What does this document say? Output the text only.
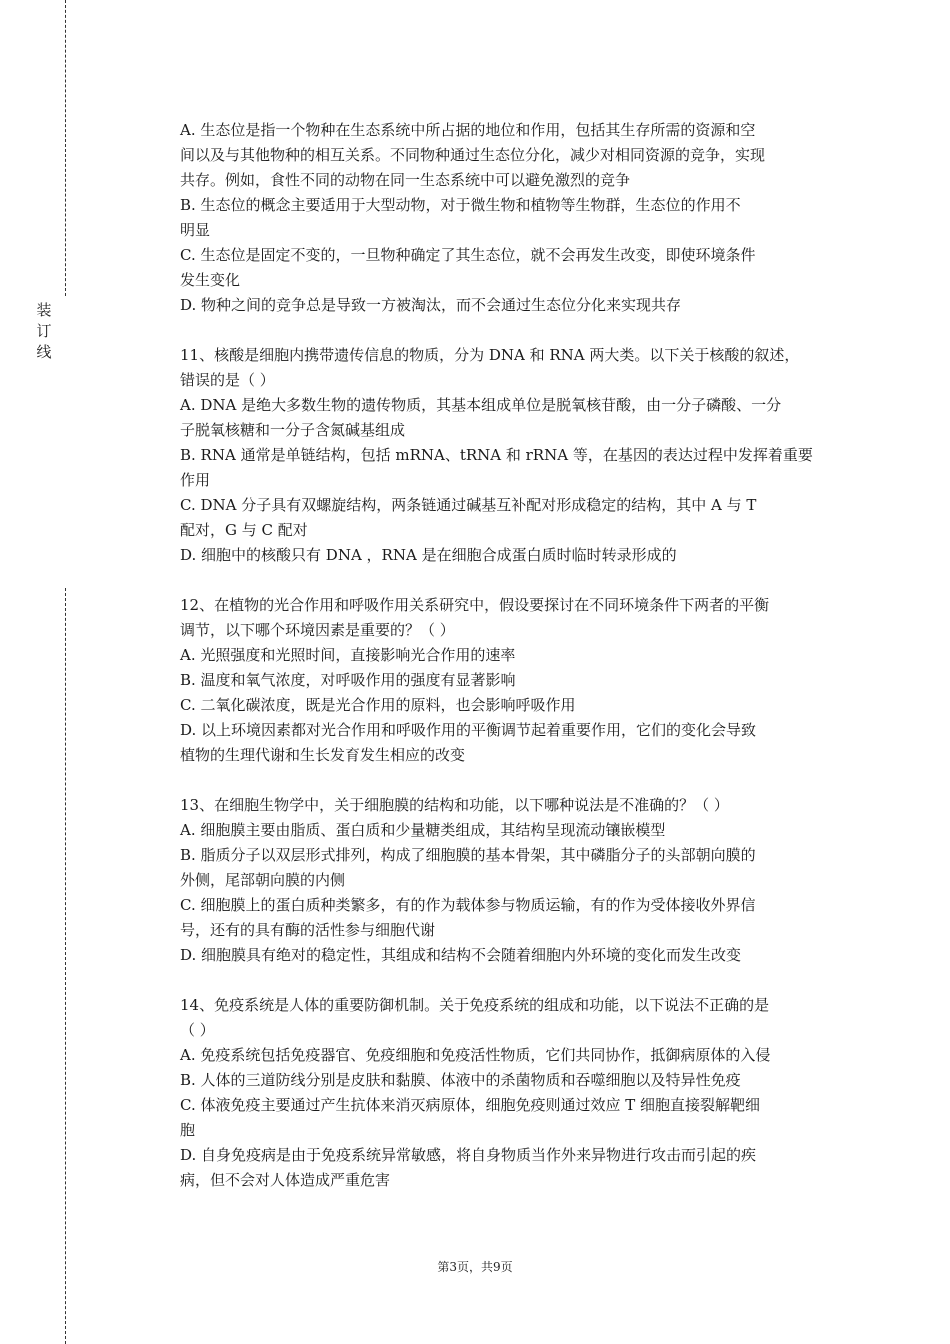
装
订
线
A. 生态位是指一个物种在生态系统中所占据的地位和作用，包括其生存所需的资源和空
间以及与其他物种的相互关系。不同物种通过生态位分化，减少对相同资源的竞争，实现
共存。例如，食性不同的动物在同一生态系统中可以避免激烈的竞争
B. 生态位的概念主要适用于大型动物，对于微生物和植物等生物群，生态位的作用不
明显
C. 生态位是固定不变的，一旦物种确定了其生态位，就不会再发生改变，即使环境条件
发生变化
D. 物种之间的竞争总是导致一方被淘汰，而不会通过生态位分化来实现共存
11、核酸是细胞内携带遗传信息的物质，分为 DNA 和 RNA 两大类。以下关于核酸的叙述，
错误的是（ ）
A. DNA 是绝大多数生物的遗传物质，其基本组成单位是脱氧核苷酸，由一分子磷酸、一分
子脱氧核糖和一分子含氮碱基组成
B. RNA 通常是单链结构，包括 mRNA、tRNA 和 rRNA 等，在基因的表达过程中发挥着重要
作用
C. DNA 分子具有双螺旋结构，两条链通过碱基互补配对形成稳定的结构，其中 A 与 T
配对，G 与 C 配对
D. 细胞中的核酸只有 DNA ，RNA 是在细胞合成蛋白质时临时转录形成的
12、在植物的光合作用和呼吸作用关系研究中，假设要探讨在不同环境条件下两者的平衡
调节，以下哪个环境因素是重要的？（ ）
A. 光照强度和光照时间，直接影响光合作用的速率
B. 温度和氧气浓度，对呼吸作用的强度有显著影响
C. 二氧化碳浓度，既是光合作用的原料，也会影响呼吸作用
D. 以上环境因素都对光合作用和呼吸作用的平衡调节起着重要作用，它们的变化会导致
植物的生理代谢和生长发育发生相应的改变
13、在细胞生物学中，关于细胞膜的结构和功能，以下哪种说法是不准确的？（ ）
A. 细胞膜主要由脂质、蛋白质和少量糖类组成，其结构呈现流动镶嵌模型
B. 脂质分子以双层形式排列，构成了细胞膜的基本骨架，其中磷脂分子的头部朝向膜的
外侧，尾部朝向膜的内侧
C. 细胞膜上的蛋白质种类繁多，有的作为载体参与物质运输，有的作为受体接收外界信
号，还有的具有酶的活性参与细胞代谢
D. 细胞膜具有绝对的稳定性，其组成和结构不会随着细胞内外环境的变化而发生改变
14、免疫系统是人体的重要防御机制。关于免疫系统的组成和功能，以下说法不正确的是
（ ）
A. 免疫系统包括免疫器官、免疫细胞和免疫活性物质，它们共同协作，抵御病原体的入侵
B. 人体的三道防线分别是皮肤和黏膜、体液中的杀菌物质和吞噬细胞以及特异性免疫
C. 体液免疫主要通过产生抗体来消灭病原体，细胞免疫则通过效应 T 细胞直接裂解靶细
胞
D. 自身免疫病是由于免疫系统异常敏感，将自身物质当作外来异物进行攻击而引起的疾
病，但不会对人体造成严重危害
第3页，共9页
